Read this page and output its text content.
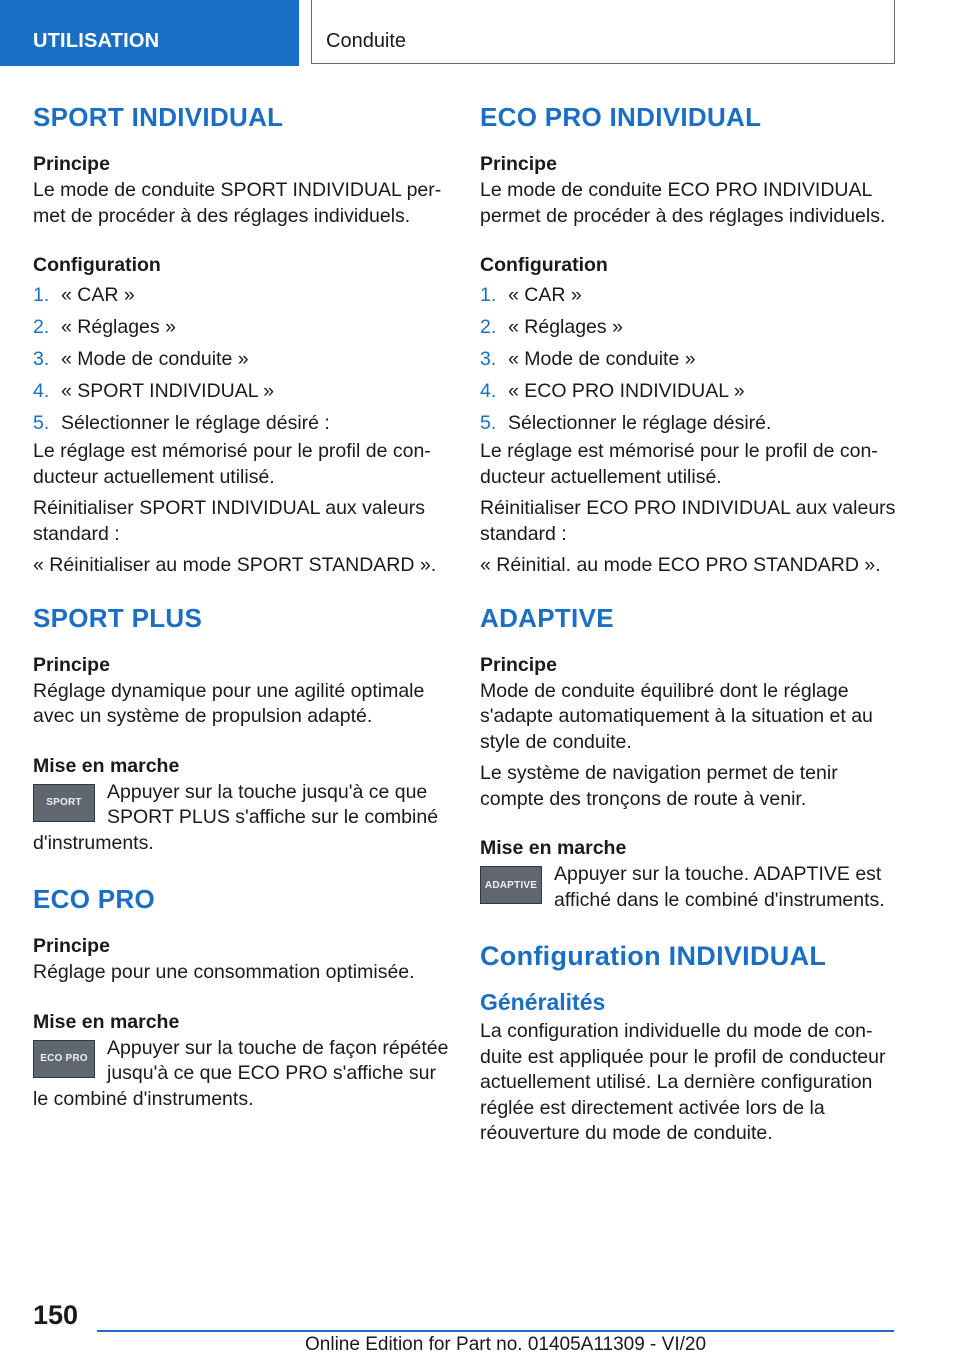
UTILISATION	Conduite
SPORT INDIVIDUAL
Principe

Le mode de conduite SPORT INDIVIDUAL permet de procéder à des réglages individuels.

Configuration
1. « CAR »
2. « Réglages »
3. « Mode de conduite »
4. « SPORT INDIVIDUAL »
5. Sélectionner le réglage désiré :

Le réglage est mémorisé pour le profil de conducteur actuellement utilisé.

Réinitialiser SPORT INDIVIDUAL aux valeurs standard :

« Réinitialiser au mode SPORT STANDARD ».

SPORT PLUS
Principe

Réglage dynamique pour une agilité optimale avec un système de propulsion adapté.

Mise en marche
SPORT	Appuyer sur la touche jusqu'à ce que SPORT PLUS s'affiche sur le combiné d'instruments.

ECO PRO
Principe

Réglage pour une consommation optimisée.

Mise en marche
ECO PRO Appuyer sur la touche de façon répétée jusqu'à ce que ECO PRO s'affiche sur le combiné d'instruments.

ECO PRO INDIVIDUAL
Principe

Le mode de conduite ECO PRO INDIVIDUAL permet de procéder à des réglages individuels.

Configuration
1. « CAR »
2. « Réglages »
3. « Mode de conduite »
4. « ECO PRO INDIVIDUAL »
5. Sélectionner le réglage désiré.

Le réglage est mémorisé pour le profil de conducteur actuellement utilisé.

Réinitialiser ECO PRO INDIVIDUAL aux valeurs standard :

« Réinitial. au mode ECO PRO STANDARD ».

ADAPTIVE
Principe

Mode de conduite équilibré dont le réglage s'adapte automatiquement à la situation et au style de conduite.

Le système de navigation permet de tenir compte des tronçons de route à venir.

Mise en marche
ADAPTIVE Appuyer sur la touche. ADAPTIVE est affiché dans le combiné d'instruments.

Configuration INDIVIDUAL
Généralités

La configuration individuelle du mode de conduite est appliquée pour le profil de conducteur actuellement utilisé. La dernière configuration réglée est directement activée lors de la réouverture du mode de conduite.

150
Online Edition for Part no. 01405A11309 - VI/20
